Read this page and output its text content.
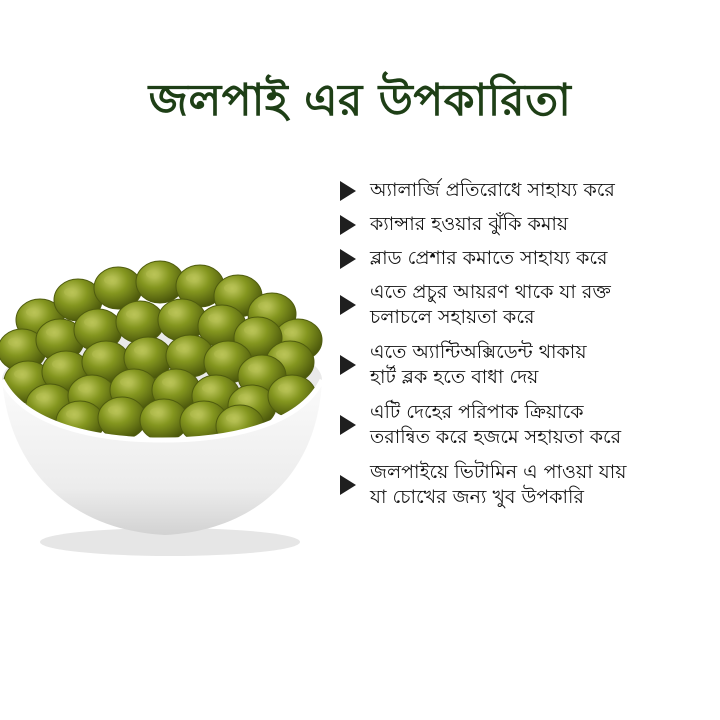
জলপাই এর উপকারিতা
অ্যালার্জি প্রতিরোধে সাহায্য করে
ক্যান্সার হওয়ার ঝুঁকি কমায়
ব্লাড প্রেশার কমাতে সাহায্য করে
এতে প্রচুর আয়রণ থাকে যা রক্ত
চলাচলে সহায়তা করে
এতে অ্যান্টিঅক্সিডেন্ট থাকায়
হার্ট ব্লক হতে বাধা দেয়
এটি দেহের পরিপাক ক্রিয়াকে
তরান্বিত করে হজমে সহায়তা করে
জলপাইয়ে ভিটামিন এ পাওয়া যায়
যা চোখের জন্য খুব উপকারি
